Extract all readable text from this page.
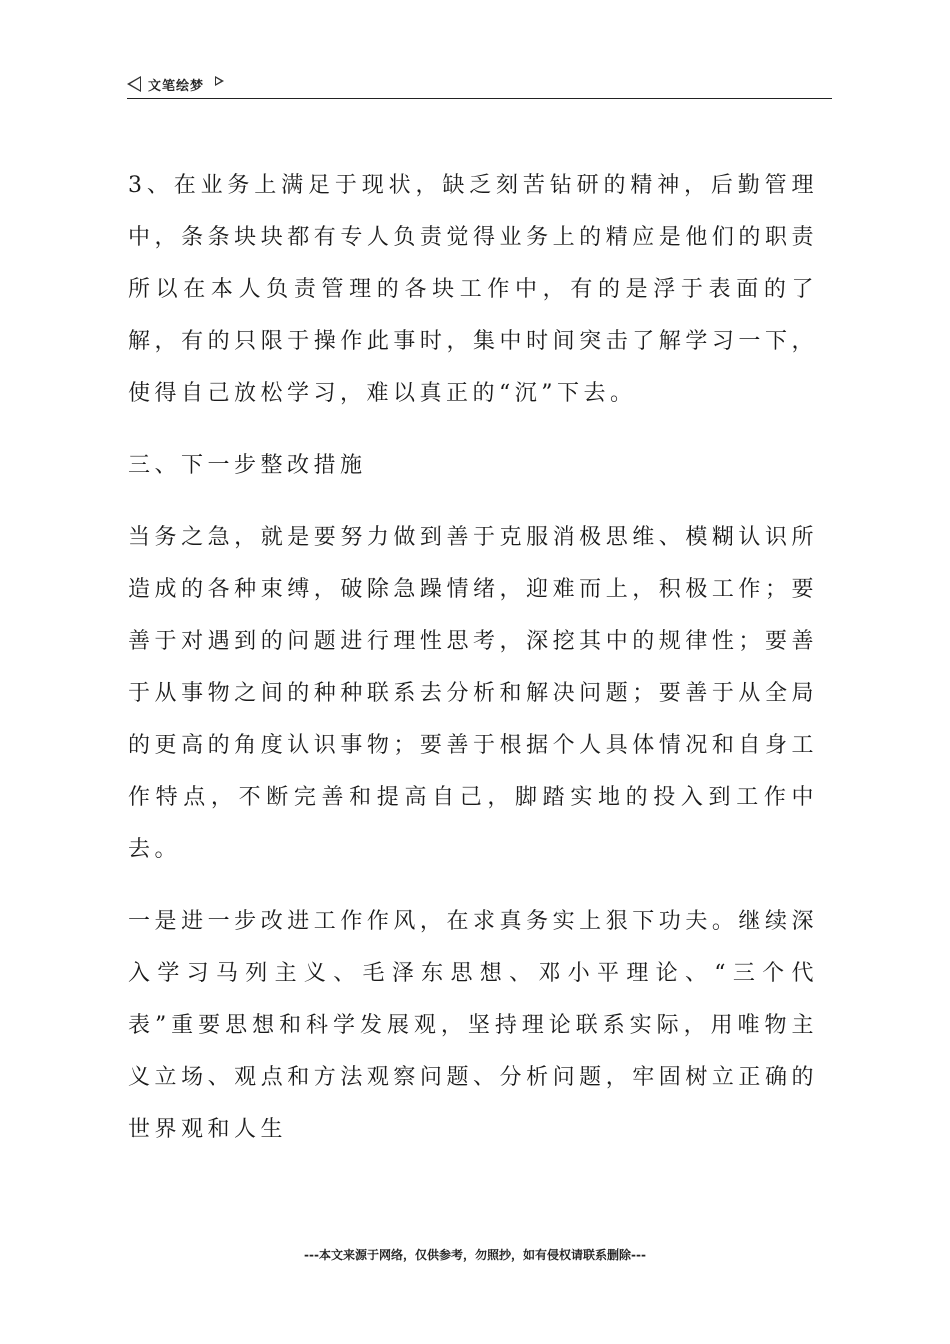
文笔绘梦

3、在业务上满足于现状，缺乏刻苦钻研的精神，后勤管理中，条条块块都有专人负责觉得业务上的精应是他们的职责所以在本人负责管理的各块工作中，有的是浮于表面的了解，有的只限于操作此事时，集中时间突击了解学习一下，使得自己放松学习，难以真正的“沉”下去。

三、下一步整改措施

当务之急，就是要努力做到善于克服消极思维、模糊认识所造成的各种束缚，破除急躁情绪，迎难而上，积极工作；要善于对遇到的问题进行理性思考，深挖其中的规律性；要善于从事物之间的种种联系去分析和解决问题；要善于从全局的更高的角度认识事物；要善于根据个人具体情况和自身工作特点，不断完善和提高自己，脚踏实地的投入到工作中去。

一是进一步改进工作作风，在求真务实上狠下功夫。继续深入学习马列主义、毛泽东思想、邓小平理论、“三个代表”重要思想和科学发展观，坚持理论联系实际，用唯物主义立场、观点和方法观察问题、分析问题，牢固树立正确的世界观和人生

---本文来源于网络，仅供参考，勿照抄，如有侵权请联系删除---
